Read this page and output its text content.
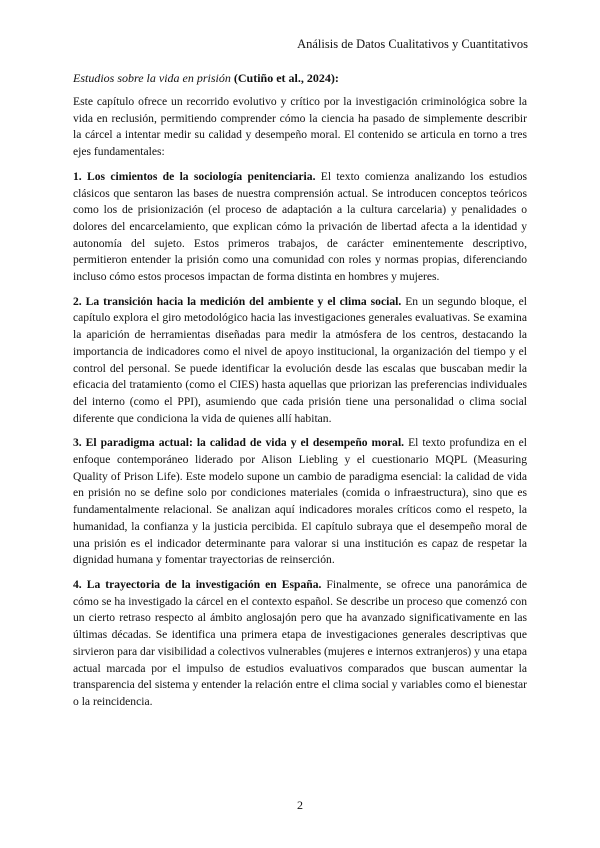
Análisis de Datos Cualitativos y Cuantitativos

Estudios sobre la vida en prisión (Cutiño et al., 2024):

Este capítulo ofrece un recorrido evolutivo y crítico por la investigación criminológica sobre la vida en reclusión, permitiendo comprender cómo la ciencia ha pasado de simplemente describir la cárcel a intentar medir su calidad y desempeño moral. El contenido se articula en torno a tres ejes fundamentales:

1. Los cimientos de la sociología penitenciaria. El texto comienza analizando los estudios clásicos que sentaron las bases de nuestra comprensión actual. Se introducen conceptos teóricos como los de prisionización (el proceso de adaptación a la cultura carcelaria) y penalidades o dolores del encarcelamiento, que explican cómo la privación de libertad afecta a la identidad y autonomía del sujeto. Estos primeros trabajos, de carácter eminentemente descriptivo, permitieron entender la prisión como una comunidad con roles y normas propias, diferenciando incluso cómo estos procesos impactan de forma distinta en hombres y mujeres.

2. La transición hacia la medición del ambiente y el clima social. En un segundo bloque, el capítulo explora el giro metodológico hacia las investigaciones generales evaluativas. Se examina la aparición de herramientas diseñadas para medir la atmósfera de los centros, destacando la importancia de indicadores como el nivel de apoyo institucional, la organización del tiempo y el control del personal. Se puede identificar la evolución desde las escalas que buscaban medir la eficacia del tratamiento (como el CIES) hasta aquellas que priorizan las preferencias individuales del interno (como el PPI), asumiendo que cada prisión tiene una personalidad o clima social diferente que condiciona la vida de quienes allí habitan.

3. El paradigma actual: la calidad de vida y el desempeño moral. El texto profundiza en el enfoque contemporáneo liderado por Alison Liebling y el cuestionario MQPL (Measuring Quality of Prison Life). Este modelo supone un cambio de paradigma esencial: la calidad de vida en prisión no se define solo por condiciones materiales (comida o infraestructura), sino que es fundamentalmente relacional. Se analizan aquí indicadores morales críticos como el respeto, la humanidad, la confianza y la justicia percibida. El capítulo subraya que el desempeño moral de una prisión es el indicador determinante para valorar si una institución es capaz de respetar la dignidad humana y fomentar trayectorias de reinserción.

4. La trayectoria de la investigación en España. Finalmente, se ofrece una panorámica de cómo se ha investigado la cárcel en el contexto español. Se describe un proceso que comenzó con un cierto retraso respecto al ámbito anglosajón pero que ha avanzado significativamente en las últimas décadas. Se identifica una primera etapa de investigaciones generales descriptivas que sirvieron para dar visibilidad a colectivos vulnerables (mujeres e internos extranjeros) y una etapa actual marcada por el impulso de estudios evaluativos comparados que buscan aumentar la transparencia del sistema y entender la relación entre el clima social y variables como el bienestar o la reincidencia.

2
